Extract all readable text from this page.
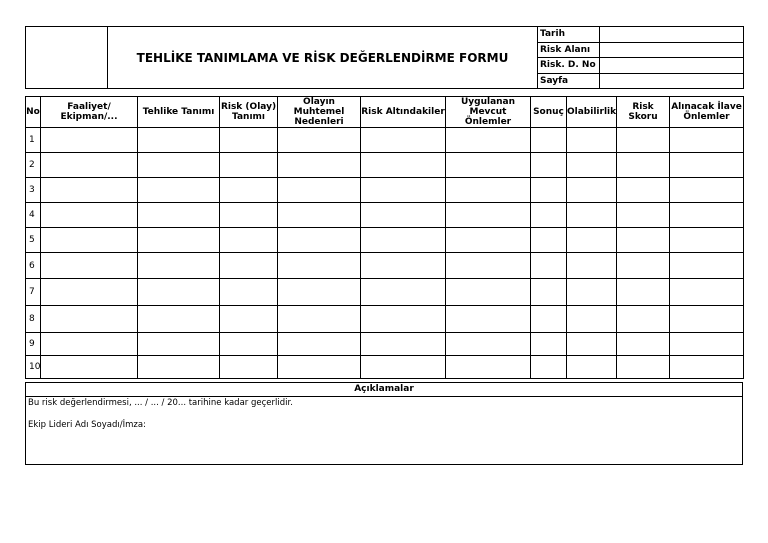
	TEHLİKE TANIMLAMA VE RİSK DEĞERLENDİRME FORMU	Tarih	
		Risk Alanı	
		Risk. D. No	
		Sayfa	
No	Faaliyet/ Ekipman/...	Tehlike Tanımı	Risk (Olay) Tanımı	Olayın Muhtemel Nedenleri	Risk Altındakiler	Uygulanan Mevcut Önlemler	Sonuç	Olabilirlik	Risk Skoru	Alınacak İlave Önlemler
1										
2										
3										
4										
5										
6										
7										
8										
9										
10										
Açıklamalar
Bu risk değerlendirmesi, ... / ... / 20... tarihine kadar geçerlidir.
Ekip Lideri Adı Soyadı/İmza:
